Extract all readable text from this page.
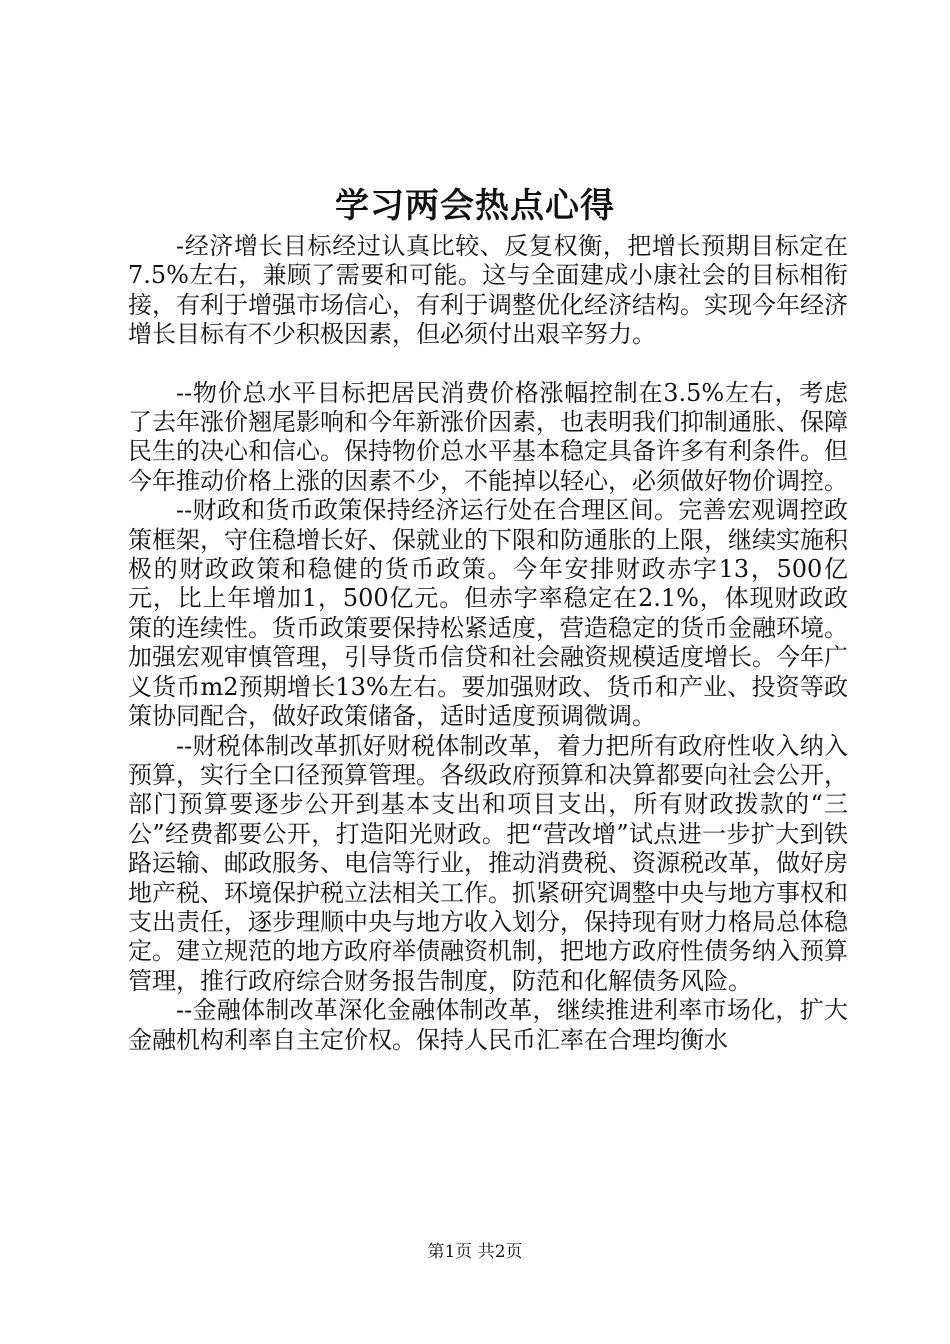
学习两会热点心得

-经济增长目标经过认真比较、反复权衡，把增长预期目标定在7.5%左右，兼顾了需要和可能。这与全面建成小康社会的目标相衔接，有利于增强市场信心，有利于调整优化经济结构。实现今年经济增长目标有不少积极因素，但必须付出艰辛努力。

--物价总水平目标把居民消费价格涨幅控制在3.5%左右，考虑了去年涨价翘尾影响和今年新涨价因素，也表明我们抑制通胀、保障民生的决心和信心。保持物价总水平基本稳定具备许多有利条件。但今年推动价格上涨的因素不少，不能掉以轻心，必须做好物价调控。

--财政和货币政策保持经济运行处在合理区间。完善宏观调控政策框架，守住稳增长好、保就业的下限和防通胀的上限，继续实施积极的财政政策和稳健的货币政策。今年安排财政赤字13，500亿元，比上年增加1，500亿元。但赤字率稳定在2.1%，体现财政政策的连续性。货币政策要保持松紧适度，营造稳定的货币金融环境。加强宏观审慎管理，引导货币信贷和社会融资规模适度增长。今年广义货币m2预期增长13%左右。要加强财政、货币和产业、投资等政策协同配合，做好政策储备，适时适度预调微调。

--财税体制改革抓好财税体制改革，着力把所有政府性收入纳入预算，实行全口径预算管理。各级政府预算和决算都要向社会公开，部门预算要逐步公开到基本支出和项目支出，所有财政拨款的“三公”经费都要公开，打造阳光财政。把“营改增”试点进一步扩大到铁路运输、邮政服务、电信等行业，推动消费税、资源税改革，做好房地产税、环境保护税立法相关工作。抓紧研究调整中央与地方事权和支出责任，逐步理顺中央与地方收入划分，保持现有财力格局总体稳定。建立规范的地方政府举债融资机制，把地方政府性债务纳入预算管理，推行政府综合财务报告制度，防范和化解债务风险。

--金融体制改革深化金融体制改革，继续推进利率市场化，扩大金融机构利率自主定价权。保持人民币汇率在合理均衡水

第1页 共2页
